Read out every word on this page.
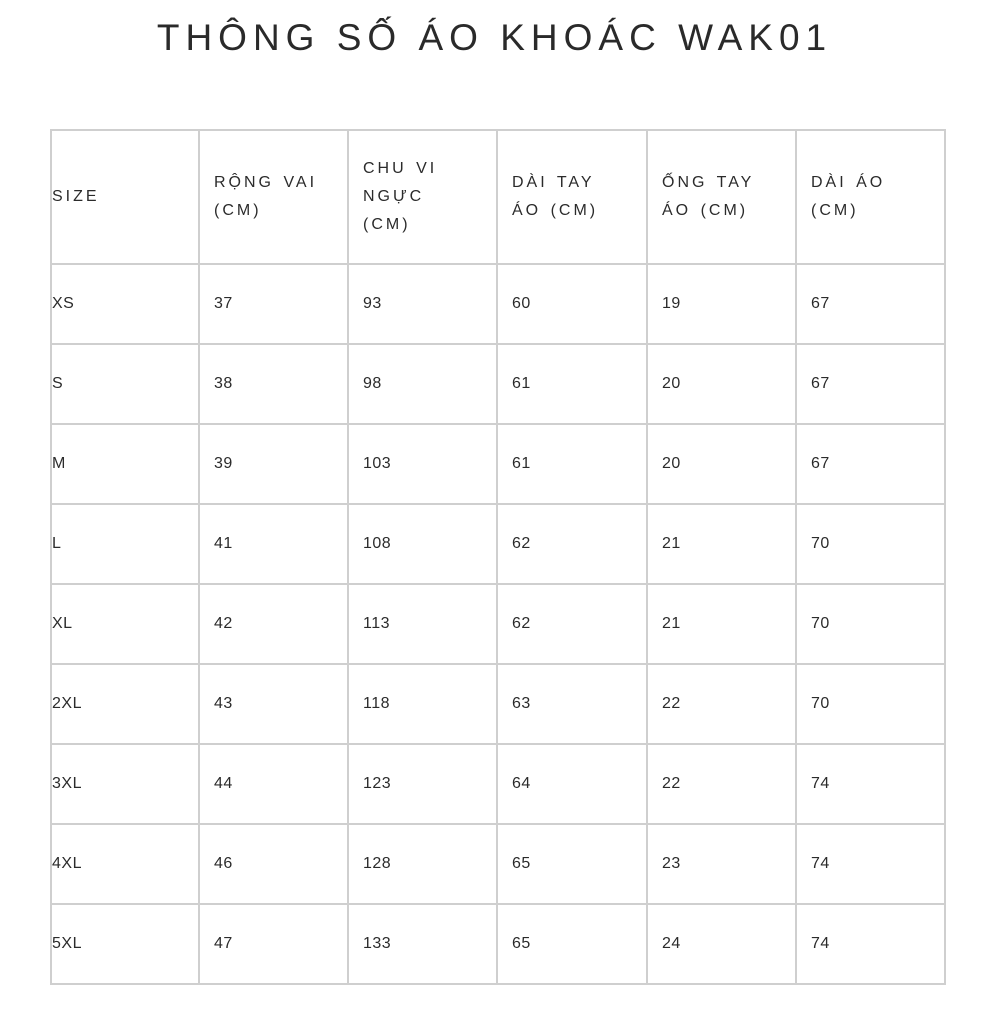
THÔNG SỐ ÁO KHOÁC WAK01
SIZE	RỘNG VAI (CM)	CHU VI NGỰC (CM)	DÀI TAY ÁO (CM)	ỐNG TAY ÁO (CM)	DÀI ÁO (CM)

XS	37	93	60	19	67
S	38	98	61	20	67
M	39	103	61	20	67
L	41	108	62	21	70
XL	42	113	62	21	70
2XL	43	118	63	22	70
3XL	44	123	64	22	74
4XL	46	128	65	23	74
5XL	47	133	65	24	74
